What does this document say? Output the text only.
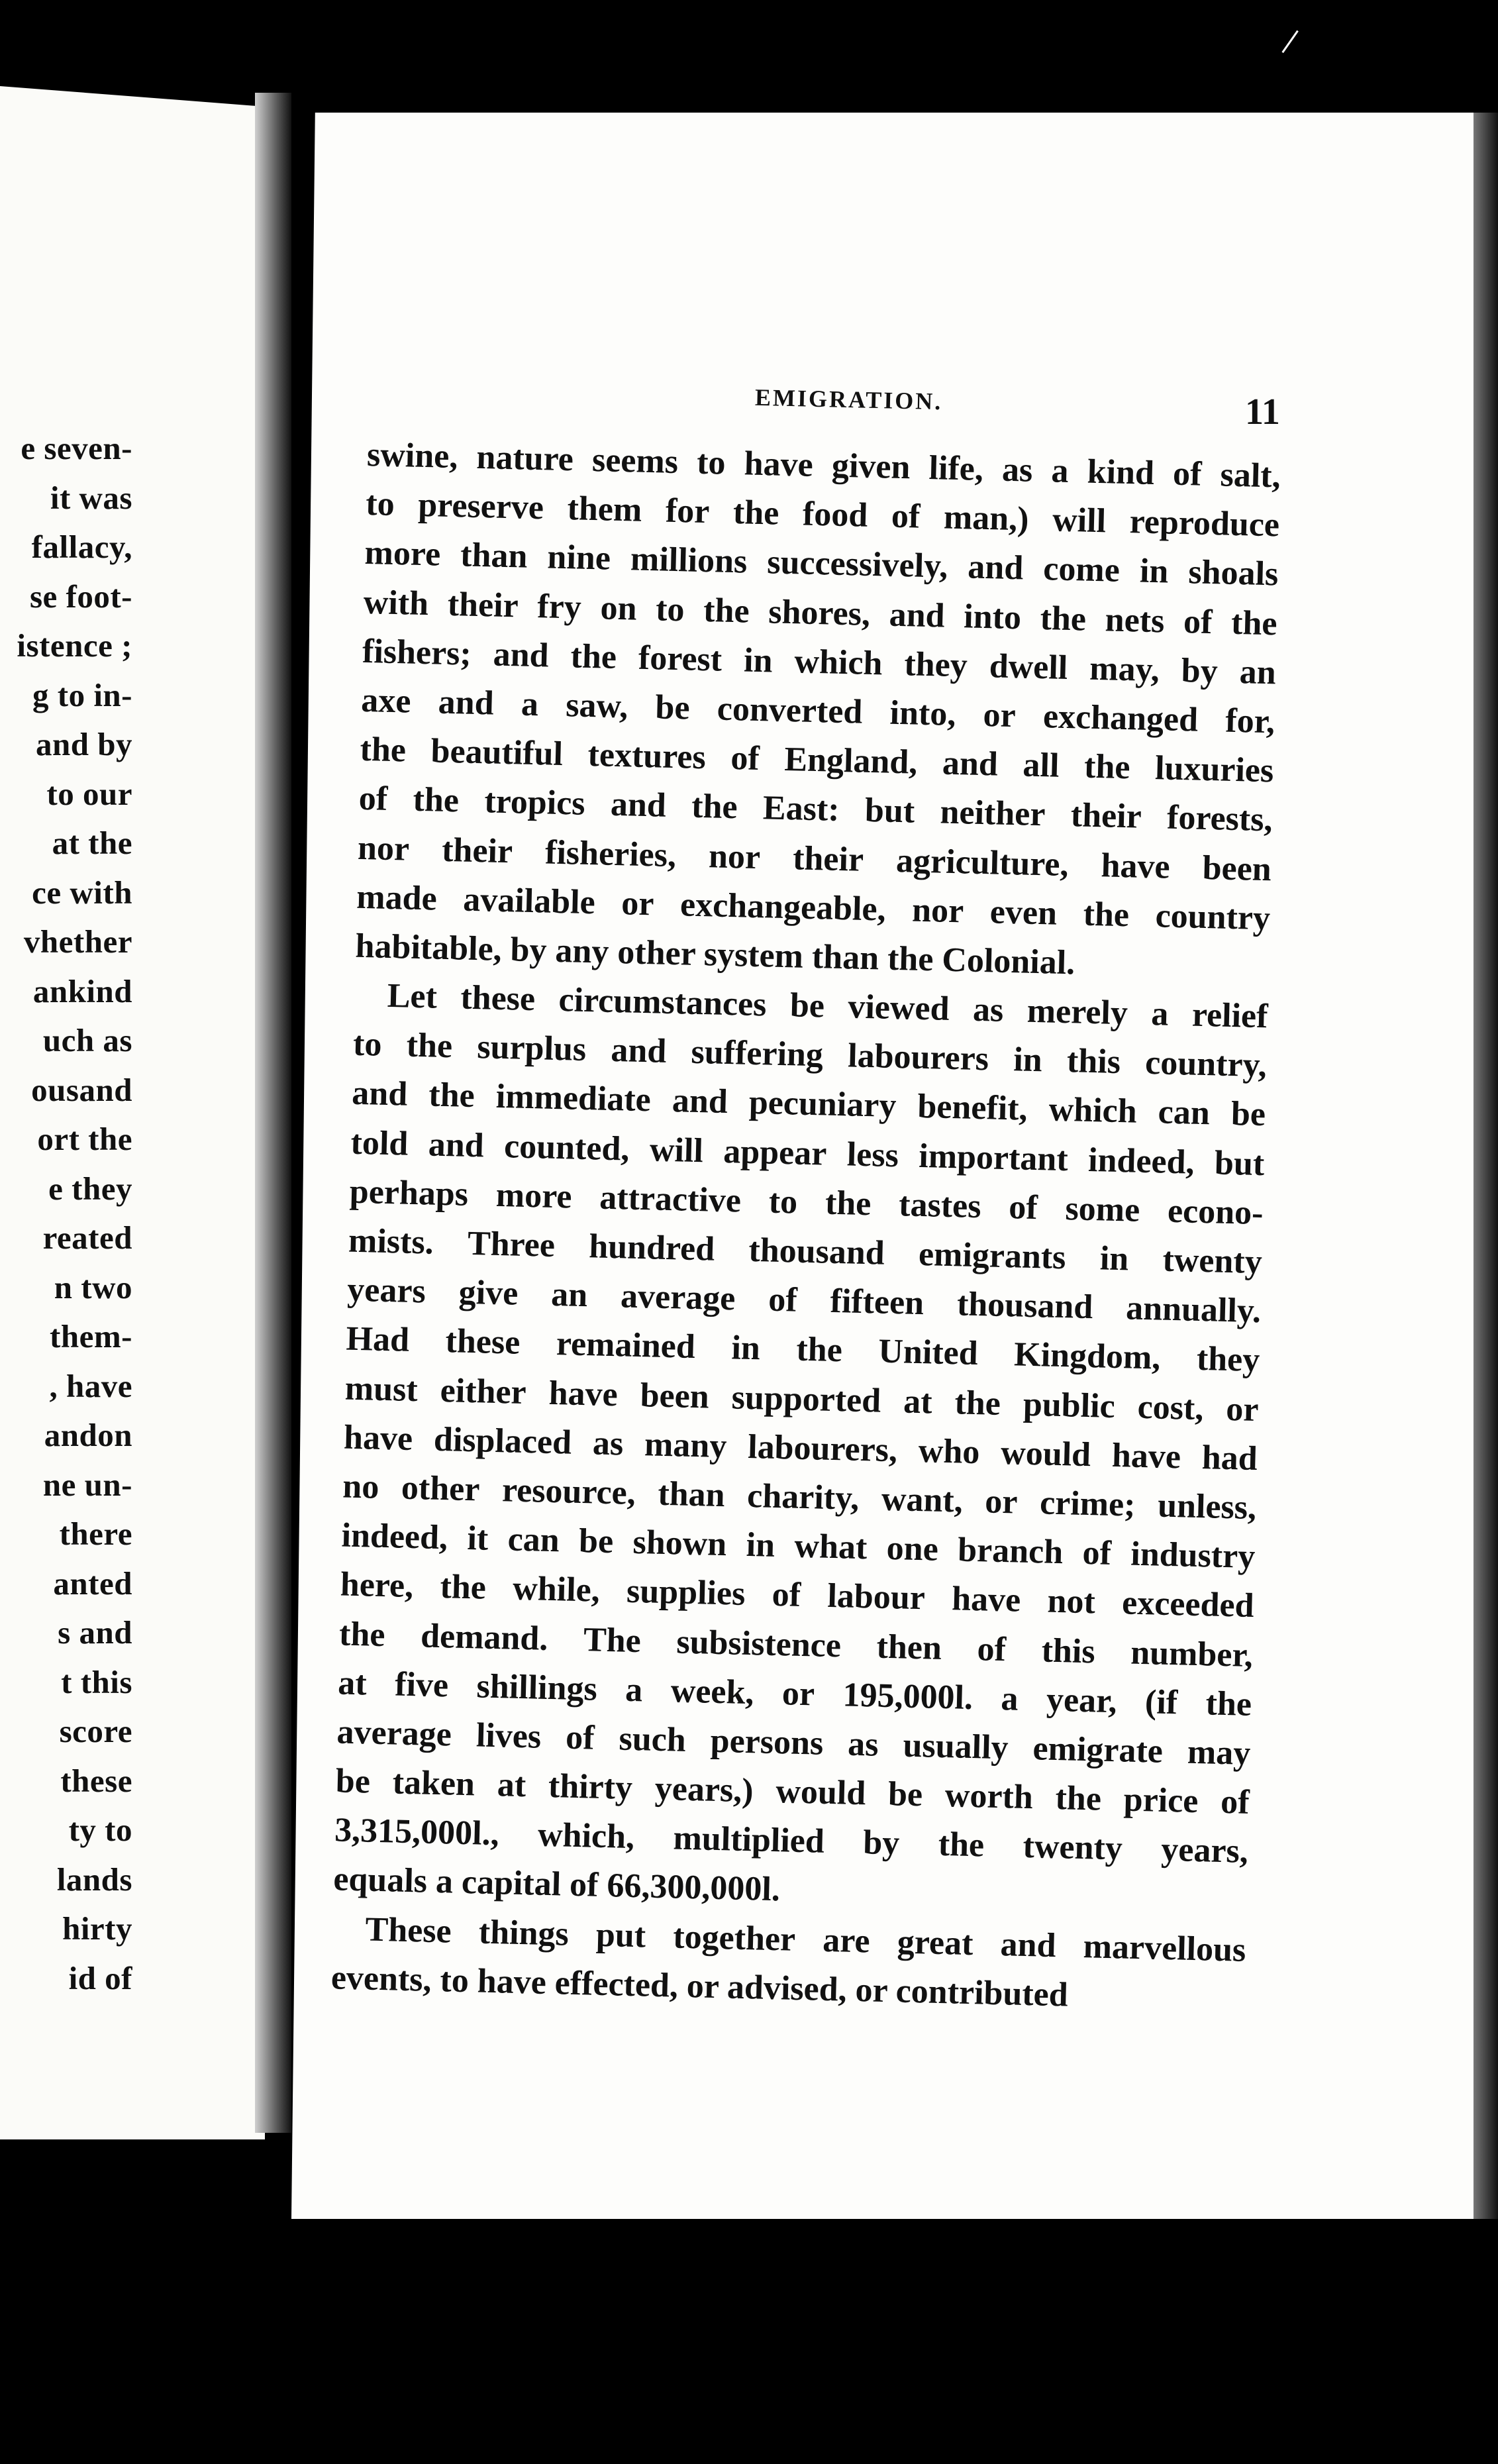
e seven-
it was
fallacy,
se foot-
istence ;
g to in-
and by
to our
at the
ce with
vhether
ankind
uch as
ousand
ort the
e they
reated
n two
them-
, have
andon
ne un-
there
anted
s and
t this
score
these
ty to
lands
hirty
id of
EMIGRATION.	11
swine, nature seems to have given life, as a kind of salt,
to preserve them for the food of man,) will reproduce
more than nine millions successively, and come in shoals
with their fry on to the shores, and into the nets of the
fishers; and the forest in which they dwell may, by an
axe and a saw, be converted into, or exchanged for,
the beautiful textures of England, and all the luxuries
of the tropics and the East: but neither their forests,
nor their fisheries, nor their agriculture, have been
made available or exchangeable, nor even the country
habitable, by any other system than the Colonial.
Let these circumstances be viewed as merely a relief
to the surplus and suffering labourers in this country,
and the immediate and pecuniary benefit, which can be
told and counted, will appear less important indeed, but
perhaps more attractive to the tastes of some econo-
mists. Three hundred thousand emigrants in twenty
years give an average of fifteen thousand annually.
Had these remained in the United Kingdom, they
must either have been supported at the public cost, or
have displaced as many labourers, who would have had
no other resource, than charity, want, or crime; unless,
indeed, it can be shown in what one branch of industry
here, the while, supplies of labour have not exceeded
the demand. The subsistence then of this number,
at five shillings a week, or 195,000l. a year, (if the
average lives of such persons as usually emigrate may
be taken at thirty years,) would be worth the price of
3,315,000l., which, multiplied by the twenty years,
equals a capital of 66,300,000l.
These things put together are great and marvellous
events, to have effected, or advised, or contributed
